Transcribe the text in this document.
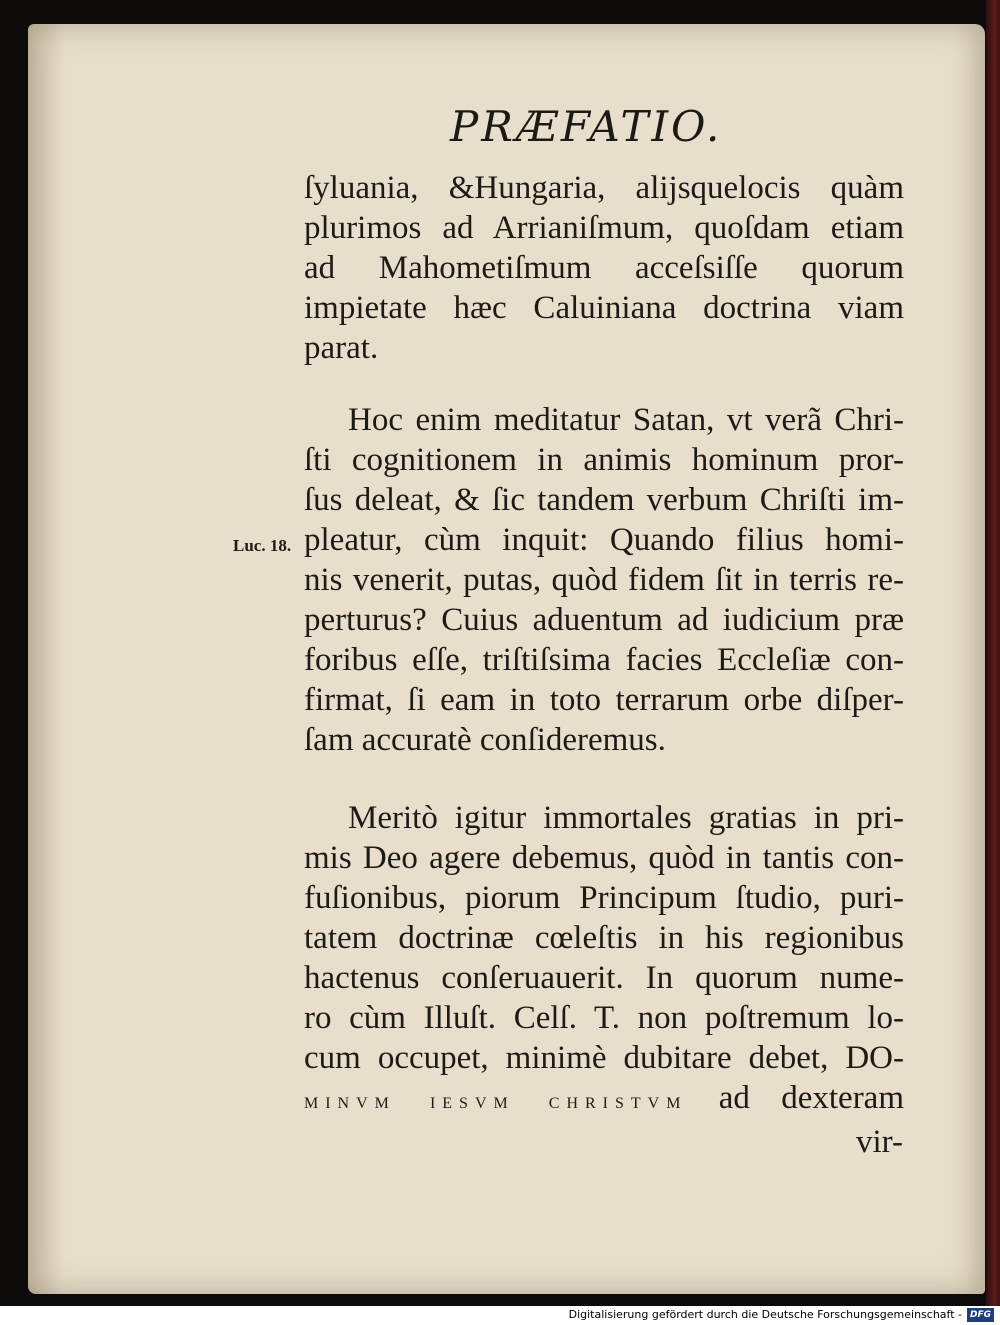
PRÆFATIO.
Luc. 18.
ſyluania, &Hungaria, alijsquelocis quàm
plurimos ad Arrianiſmum, quoſdam etiam
ad Mahometiſmum acceſsiſſe quorum
impietate hæc Caluiniana doctrina viam
parat.
Hoc enim meditatur Satan, vt verã Chri-
ſti cognitionem in animis hominum pror-
ſus deleat, & ſic tandem verbum Chriſti im-
pleatur, cùm inquit: Quando filius homi-
nis venerit, putas, quòd fidem ſit in terris re-
perturus? Cuius aduentum ad iudicium præ
foribus eſſe, triſtiſsima facies Eccleſiæ con-
firmat, ſi eam in toto terrarum orbe diſper-
ſam accuratè conſideremus.
Meritò igitur immortales gratias in pri-
mis Deo agere debemus, quòd in tantis con-
fuſionibus, piorum Principum ſtudio, puri-
tatem doctrinæ cœleſtis in his regionibus
hactenus conſeruauerit. In quorum nume-
ro cùm Illuſt. Celſ. T. non poſtremum lo-
cum occupet, minimè dubitare debet, DO-
MINVM IESVM CHRISTVM ad dexteram
vir-
Digitalisierung gefördert durch die Deutsche Forschungsgemeinschaft - DFG
